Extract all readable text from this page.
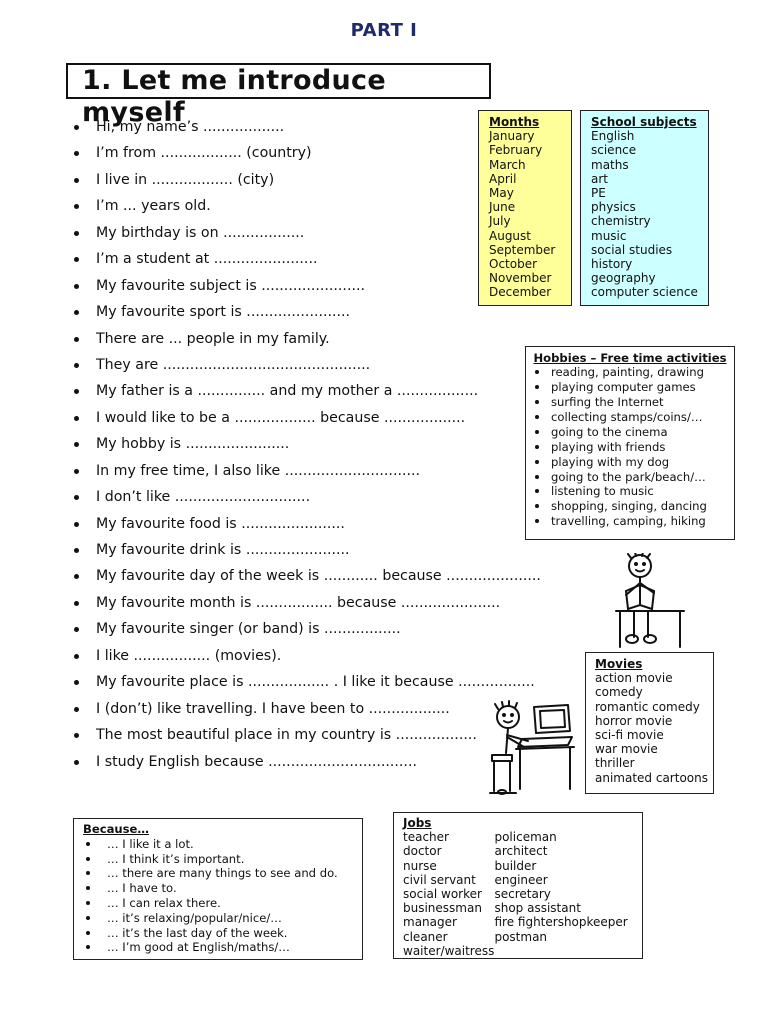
PART I
1. Let me introduce myself
Hi, my name’s ..................
I’m from .................. (country)
I live in .................. (city)
I’m ... years old.
My birthday is on ..................
I’m a student at .......................
My favourite subject is .......................
My favourite sport is .......................
There are ... people in my family.
They are ..............................................
My father is a ............... and my mother a ..................
I would like to be a .................. because ..................
My hobby is .......................
In my free time, I also like ..............................
I don’t like ..............................
My favourite food is .......................
My favourite drink is .......................
My favourite day of the week is ............ because .....................
My favourite month is ................. because ......................
My favourite singer (or band) is .................
I like ................. (movies).
My favourite place is .................. . I like it because .................
I (don’t) like travelling. I have been to ..................
The most beautiful place in my country is ..................
I study English because .................................
Months
January
February
March
April
May
June
July
August
September
October
November
December
School subjects
English
science
maths
art
PE
physics
chemistry
music
social studies
history
geography
computer science
Hobbies – Free time activities
reading, painting, drawing
playing computer games
surfing the Internet
collecting stamps/coins/…
going to the cinema
playing with friends
playing with my dog
going to the park/beach/…
listening to music
shopping, singing, dancing
travelling, camping, hiking
Movies
action movie
comedy
romantic comedy
horror movie
sci-fi movie
war movie
thriller
animated cartoons
Because…
… I like it a lot.
… I think it’s important.
… there are many things to see and do.
… I have to.
… I can relax there.
… it’s relaxing/popular/nice/…
… it’s the last day of the week.
… I’m good at English/maths/…
Jobs
teacher
doctor
nurse
civil servant
social worker
businessman
manager
cleaner
waiter/waitress
policeman
architect
builder
engineer
secretary
shop assistant
fire fightershopkeeper
postman
